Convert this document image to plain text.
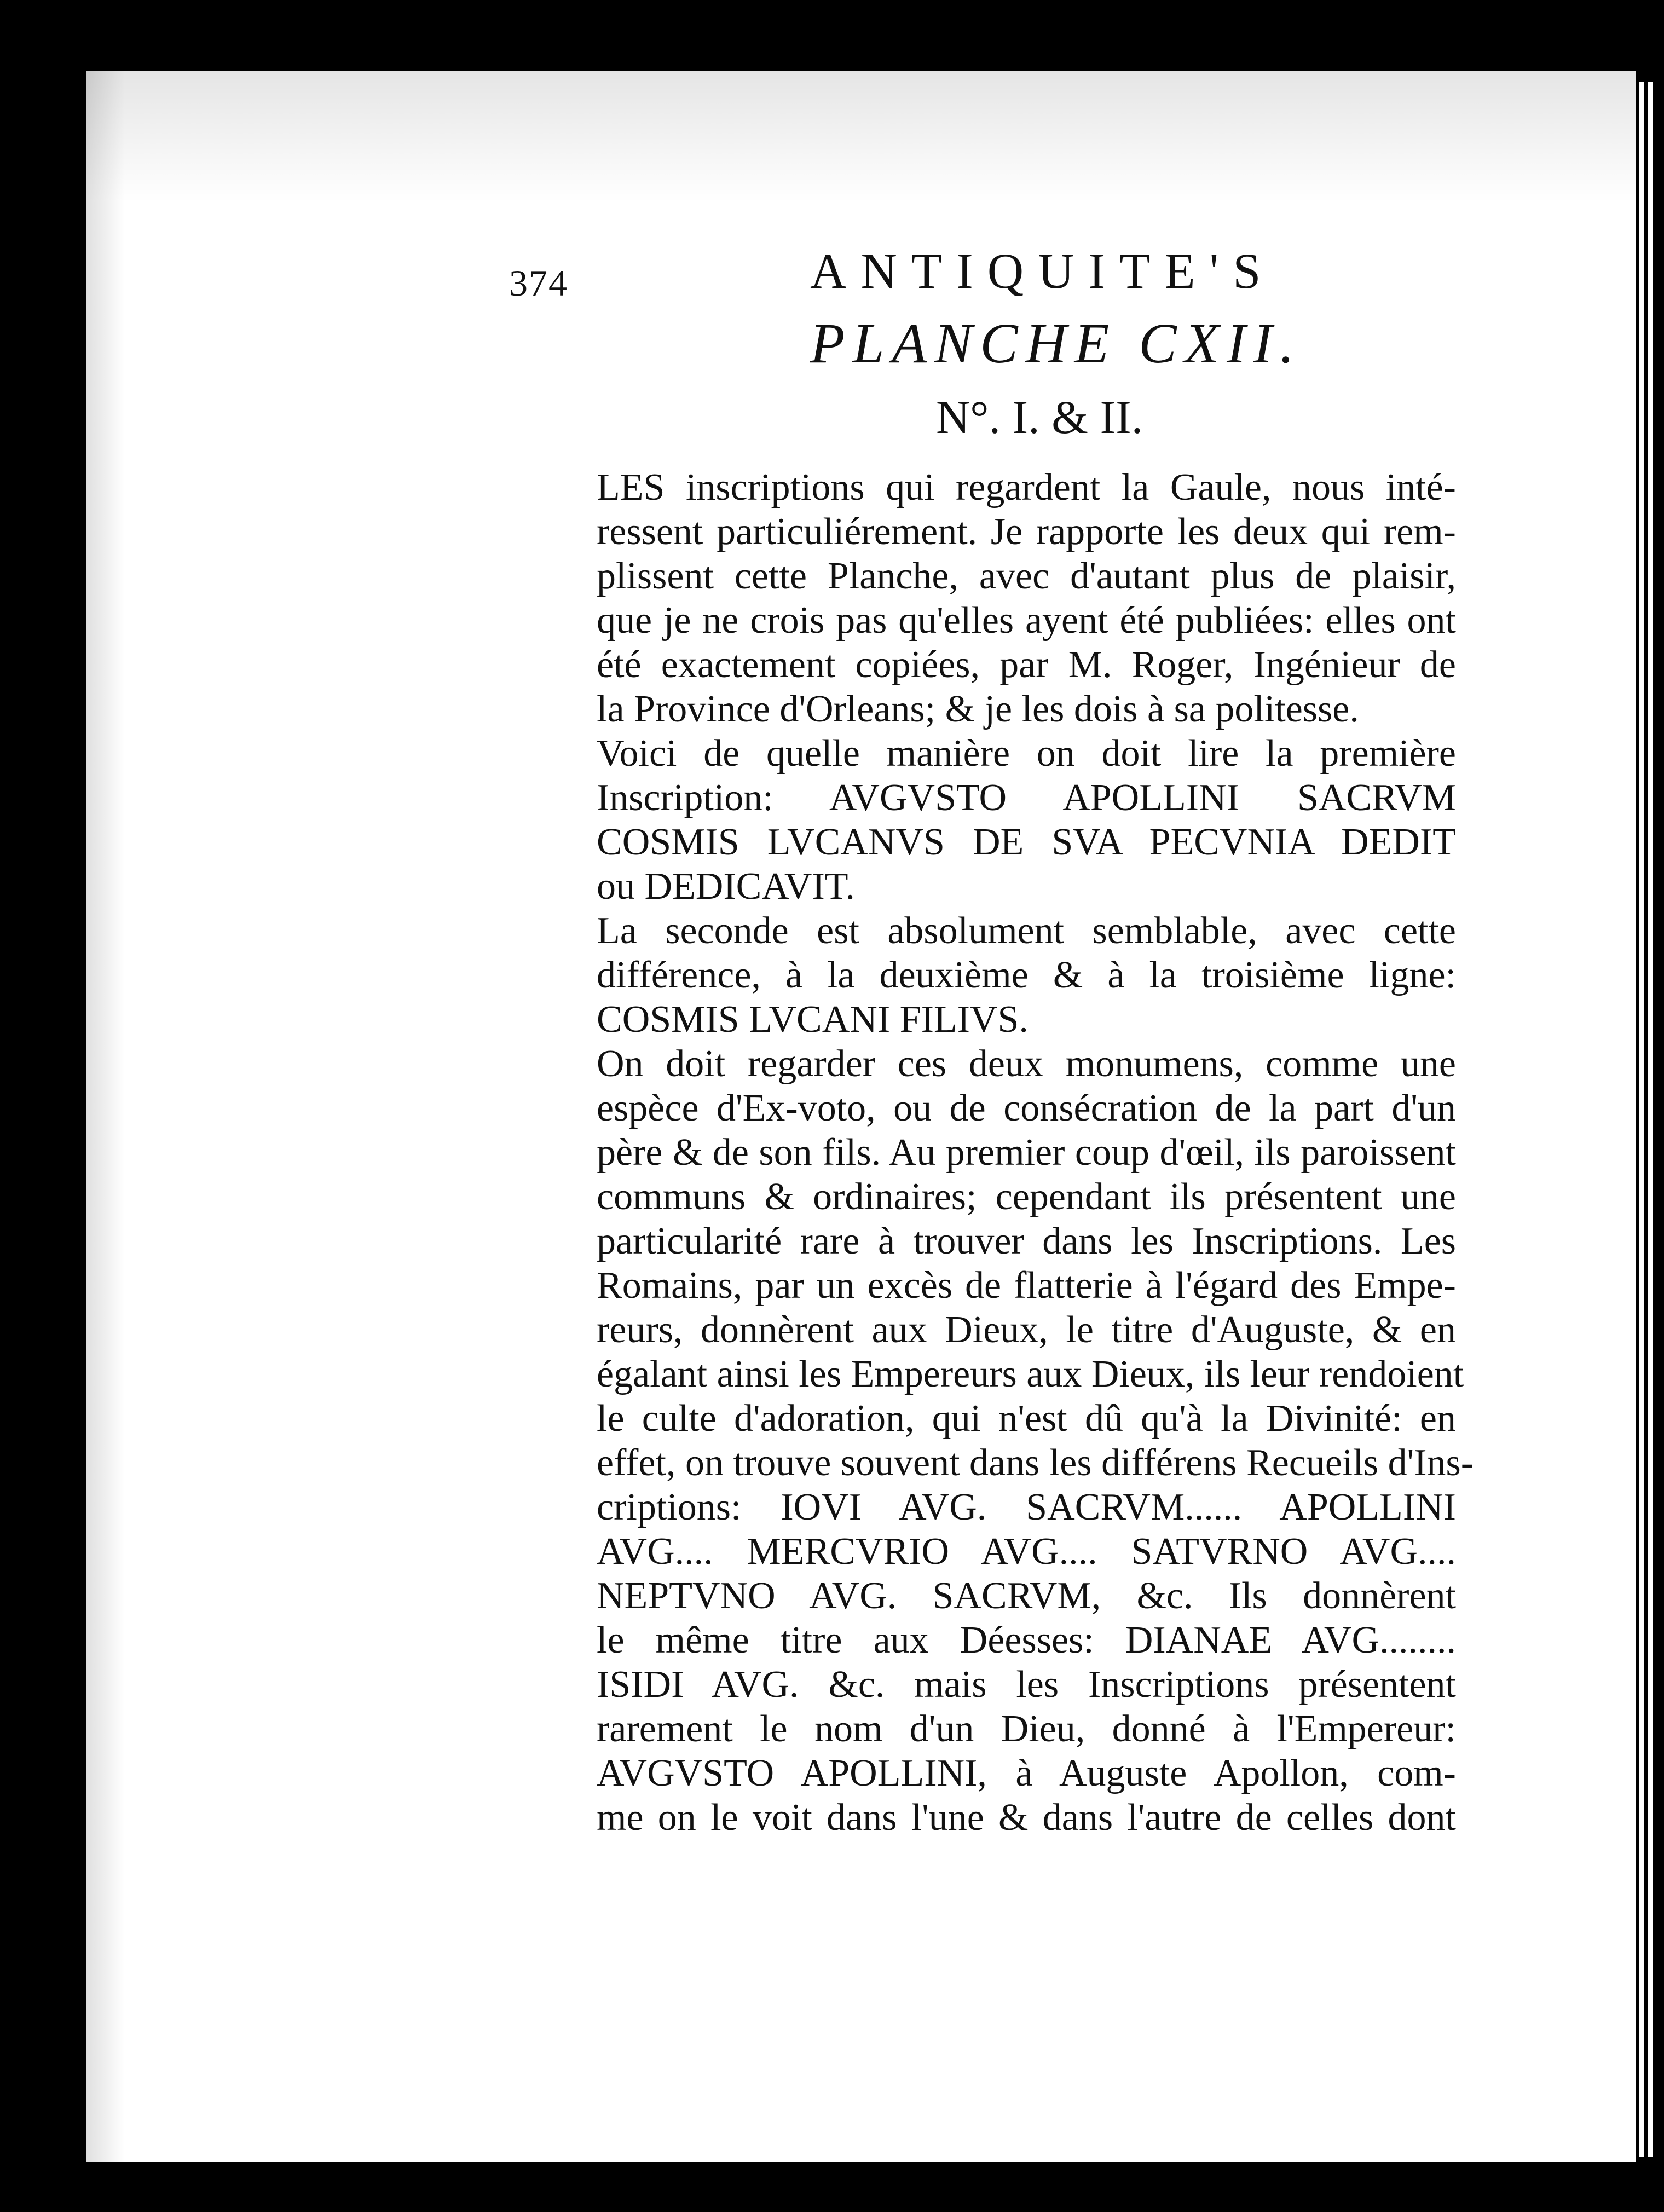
374	ANTIQUITE'S
PLANCHE CXII.
N°. I. & II.
LES inscriptions qui regardent la Gaule, nous inté-
ressent particuliérement. Je rapporte les deux qui rem-
plissent cette Planche, avec d'autant plus de plaisir,
que je ne crois pas qu'elles ayent été publiées: elles ont
été exactement copiées, par M. Roger, Ingénieur de
la Province d'Orleans; & je les dois à sa politesse.
Voici de quelle manière on doit lire la première
Inscription: AVGVSTO APOLLINI SACRVM
COSMIS LVCANVS DE SVA PECVNIA DEDIT
ou DEDICAVIT.
La seconde est absolument semblable, avec cette
différence, à la deuxième & à la troisième ligne:
COSMIS LVCANI FILIVS.
On doit regarder ces deux monumens, comme une
espèce d'Ex-voto, ou de consécration de la part d'un
père & de son fils. Au premier coup d'œil, ils paroissent
communs & ordinaires; cependant ils présentent une
particularité rare à trouver dans les Inscriptions. Les
Romains, par un excès de flatterie à l'égard des Empe-
reurs, donnèrent aux Dieux, le titre d'Auguste, & en
égalant ainsi les Empereurs aux Dieux, ils leur rendoient
le culte d'adoration, qui n'est dû qu'à la Divinité: en
effet, on trouve souvent dans les différens Recueils d'Ins-
criptions: IOVI AVG. SACRVM...... APOLLINI
AVG.... MERCVRIO AVG.... SATVRNO AVG....
NEPTVNO AVG. SACRVM, &c. Ils donnèrent
le même titre aux Déesses: DIANAE AVG........
ISIDI AVG. &c. mais les Inscriptions présentent
rarement le nom d'un Dieu, donné à l'Empereur:
AVGVSTO APOLLINI, à Auguste Apollon, com-
me on le voit dans l'une & dans l'autre de celles dont
